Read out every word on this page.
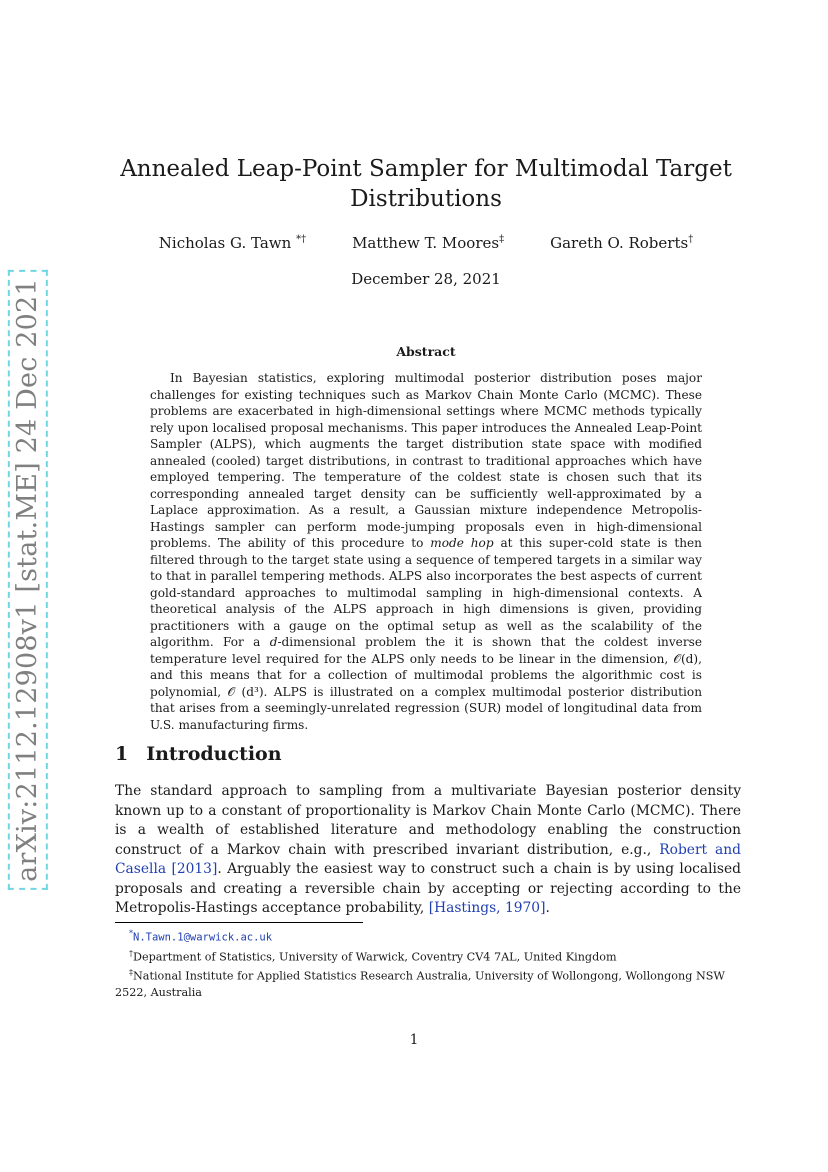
arXiv:2112.12908v1 [stat.ME] 24 Dec 2021
Annealed Leap-Point Sampler for Multimodal Target Distributions
Nicholas G. Tawn *†	Matthew T. Moores‡	Gareth O. Roberts†
December 28, 2021
Abstract

In Bayesian statistics, exploring multimodal posterior distribution poses major challenges for existing techniques such as Markov Chain Monte Carlo (MCMC). These problems are exacerbated in high-dimensional settings where MCMC methods typically rely upon localised proposal mechanisms. This paper introduces the Annealed Leap-Point Sampler (ALPS), which augments the target distribution state space with modified annealed (cooled) target distributions, in contrast to traditional approaches which have employed tempering. The temperature of the coldest state is chosen such that its corresponding annealed target density can be sufficiently well-approximated by a Laplace approximation. As a result, a Gaussian mixture independence Metropolis-Hastings sampler can perform mode-jumping proposals even in high-dimensional problems. The ability of this procedure to mode hop at this super-cold state is then filtered through to the target state using a sequence of tempered targets in a similar way to that in parallel tempering methods. ALPS also incorporates the best aspects of current gold-standard approaches to multimodal sampling in high-dimensional contexts. A theoretical analysis of the ALPS approach in high dimensions is given, providing practitioners with a gauge on the optimal setup as well as the scalability of the algorithm. For a d-dimensional problem the it is shown that the coldest inverse temperature level required for the ALPS only needs to be linear in the dimension, 𝒪(d), and this means that for a collection of multimodal problems the algorithmic cost is polynomial, 𝒪 (d³). ALPS is illustrated on a complex multimodal posterior distribution that arises from a seemingly-unrelated regression (SUR) model of longitudinal data from U.S. manufacturing firms.

1 Introduction

The standard approach to sampling from a multivariate Bayesian posterior density known up to a constant of proportionality is Markov Chain Monte Carlo (MCMC). There is a wealth of established literature and methodology enabling the construction construct of a Markov chain with prescribed invariant distribution, e.g., Robert and Casella [2013]. Arguably the easiest way to construct such a chain is by using localised proposals and creating a reversible chain by accepting or rejecting according to the Metropolis-Hastings acceptance probability, [Hastings, 1970].

*N.Tawn.1@warwick.ac.uk
†Department of Statistics, University of Warwick, Coventry CV4 7AL, United Kingdom
‡National Institute for Applied Statistics Research Australia, University of Wollongong, Wollongong NSW 2522, Australia
1
